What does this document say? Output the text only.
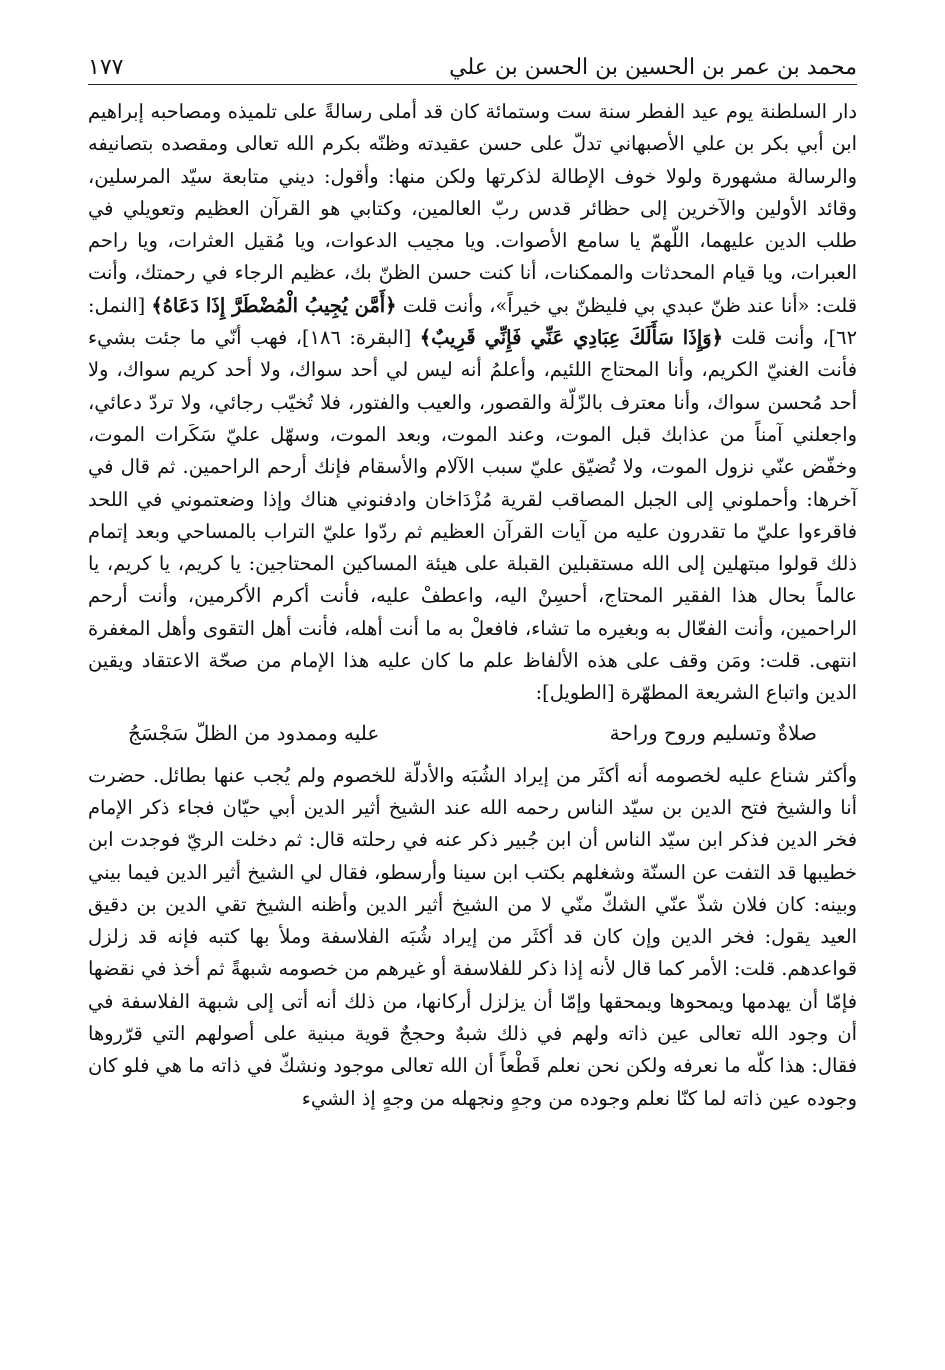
محمد بن عمر بن الحسين بن الحسن بن علي
١٧٧

دار السلطنة يوم عيد الفطر سنة ست وستمائة كان قد أملى رسالةً على تلميذه ومصاحبه إبراهيم ابن أبي بكر بن علي الأصبهاني تدلّ على حسن عقيدته وظنّه بكرم الله تعالى ومقصده بتصانيفه والرسالة مشهورة ولولا خوف الإطالة لذكرتها ولكن منها: وأقول: ديني متابعة سيّد المرسلين، وقائد الأولين والآخرين إلى حظائر قدس ربّ العالمين، وكتابي هو القرآن العظيم وتعويلي في طلب الدين عليهما، اللّهمّ يا سامع الأصوات. ويا مجيب الدعوات، ويا مُقيل العثرات، ويا راحم العبرات، ويا قيام المحدثات والممكنات، أنا كنت حسن الظنّ بك، عظيم الرجاء في رحمتك، وأنت قلت: «أنا عند ظنّ عبدي بي فليظنّ بي خيراً»، وأنت قلت ﴿أَمَّن يُجِيبُ الْمُضْطَرَّ إِذَا دَعَاهُ﴾ [النمل: ٦٢]، وأنت قلت ﴿وَإِذَا سَأَلَكَ عِبَادِي عَنِّي فَإِنِّي قَرِيبٌ﴾ [البقرة: ١٨٦]، فهب أنّي ما جئت بشيء فأنت الغنيّ الكريم، وأنا المحتاج اللئيم، وأعلمُ أنه ليس لي أحد سواك، ولا أحد كريم سواك، ولا أحد مُحسن سواك، وأنا معترف بالزّلّة والقصور، والعيب والفتور، فلا تُخيّب رجائي، ولا تردّ دعائي، واجعلني آمناً من عذابك قبل الموت، وعند الموت، وبعد الموت، وسهّل عليّ سَكَرات الموت، وخفّض عنّي نزول الموت، ولا تُضيّق عليّ سبب الآلام والأسقام فإنك أرحم الراحمين. ثم قال في آخرها: وأحملوني إلى الجبل المصاقب لقرية مُزْدَاخان وادفنوني هناك وإذا وضعتموني في اللحد فاقرءوا عليّ ما تقدرون عليه من آيات القرآن العظيم ثم ردّوا عليّ التراب بالمساحي وبعد إتمام ذلك قولوا مبتهلين إلى الله مستقبلين القبلة على هيئة المساكين المحتاجين: يا كريم، يا كريم، يا عالماً بحال هذا الفقير المحتاج، أحسِنْ اليه، واعطفْ عليه، فأنت أكرم الأكرمين، وأنت أرحم الراحمين، وأنت الفعّال به وبغيره ما تشاء، فافعلْ به ما أنت أهله، فأنت أهل التقوى وأهل المغفرة انتهى. قلت: ومَن وقف على هذه الألفاظ علم ما كان عليه هذا الإمام من صحّة الاعتقاد ويقين الدين واتباع الشريعة المطهّرة [الطويل]:

صلاةٌ وتسليم وروح وراحة
عليه وممدود من الظلّ سَجْسَجُ

وأكثر شناع عليه لخصومه أنه أكثَر من إيراد الشُبَه والأدلّة للخصوم ولم يُجب عنها بطائل. حضرت أنا والشيخ فتح الدين بن سيّد الناس رحمه الله عند الشيخ أثير الدين أبي حيّان فجاء ذكر الإمام فخر الدين فذكر ابن سيّد الناس أن ابن جُبير ذكر عنه في رحلته قال: ثم دخلت الريّ فوجدت ابن خطيبها قد التفت عن السنّة وشغلهم بكتب ابن سينا وأرسطو، فقال لي الشيخ أثير الدين فيما بيني وبينه: كان فلان شذّ عنّي الشكّ منّي لا من الشيخ أثير الدين وأظنه الشيخ تقي الدين بن دقيق العيد يقول: فخر الدين وإن كان قد أكثَر من إيراد شُبَه الفلاسفة وملأ بها كتبه فإنه قد زلزل قواعدهم. قلت: الأمر كما قال لأنه إذا ذكر للفلاسفة أو غيرهم من خصومه شبهةً ثم أخذ في نقضها فإمّا أن يهدمها ويمحوها ويمحقها وإمّا أن يزلزل أركانها، من ذلك أنه أتى إلى شبهة الفلاسفة في أن وجود الله تعالى عين ذاته ولهم في ذلك شبهٌ وحججٌ قوية مبنية على أصولهم التي قرّروها فقال: هذا كلّه ما نعرفه ولكن نحن نعلم قَطْعاً أن الله تعالى موجود ونشكّ في ذاته ما هي فلو كان وجوده عين ذاته لما كنّا نعلم وجوده من وجهٍ ونجهله من وجهٍ إذ الشيء
